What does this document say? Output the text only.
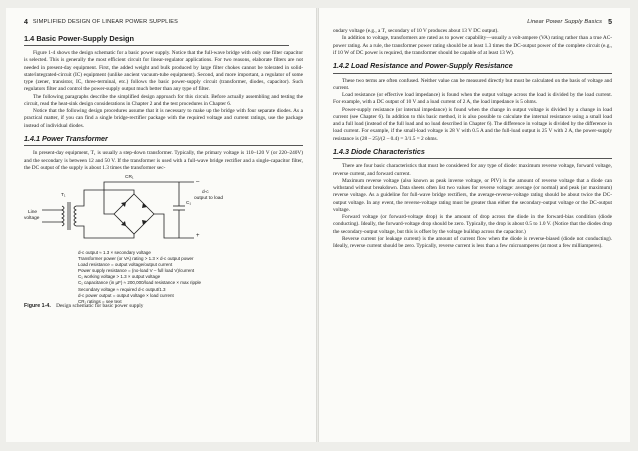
4 SIMPLIFIED DESIGN OF LINEAR POWER SUPPLIES
1.4 Basic Power-Supply Design

Figure 1-4 shows the design schematic for a basic power supply. Notice that the full-wave bridge with only one filter capacitor is selected. This is generally the most efficient circuit for linear-regulator applications. For two reasons, elaborate filters are not needed in present-day equipment. First, the added weight and bulk produced by large filter chokes cannot be tolerated in solid-state/integrated-circuit (IC) equipment (unlike ancient vacuum-tube equipment). Second, and more important, a regulator of some type (zener, transistor, IC, three-terminal, etc.) follows the basic power-supply circuit (transformer, diodes, capacitor). Such regulators filter and control the power-supply output much better than any type of filter.

The following paragraphs describe the simplified design approach for this circuit. Before actually assembling and testing the circuit, read the heat-sink design considerations in Chapter 2 and the test procedures in Chapter 6.

Notice that the following design procedures assume that it is necessary to make up the bridge with four separate diodes. As a practical matter, if you can find a single bridge-rectifier package with the required voltage and current ratings, use the package instead of individual diodes.

1.4.1 Power Transformer

In present-day equipment, T₁ is usually a step-down transformer. Typically, the primary voltage is 110–120 V (or 220–240V) and the secondary is between 12 and 50 V. If the transformer is used with a full-wave bridge rectifier and a single-capacitor filter, the DC output of the supply is about 1.3 times the transformer sec-

CR₁
C₁
T₁
Line
voltage
d-c
output to load
–
+
d-c output ≈ 1.3 × secondary voltage
Transformer power (or VA) rating > 1.3 × d-c output power
Load resistance = output voltage/output current
Power supply resistance = (no-load V – full load V)/current
C₁ working voltage > 1.3 × output voltage
C₁ capacitance (in µF) ≈ 200,000/load resistance × max ripple
Secondary voltage ≈ required d-c output/1.3
d-c power output = output voltage × load current
CR₁ ratings = see text
Figure 1-4. Design schematic for basic power supply
Linear Power Supply Basics 5

ondary voltage (e.g., a T₁ secondary of 10 V produces about 13 V DC output).

In addition to voltage, transformers are rated as to power capability—usually a volt-ampere (VA) rating rather than a true AC-power rating. As a rule, the transformer power rating should be at least 1.3 times the DC-output power of the complete circuit (e.g., if 10 W of DC power is required, the transformer should be capable of at least 13 W).

1.4.2 Load Resistance and Power-Supply Resistance

These two terms are often confused. Neither value can be measured directly but must be calculated on the basis of voltage and current.

Load resistance (or effective load impedance) is found when the output voltage across the load is divided by the load current. For example, with a DC output of 10 V and a load current of 2 A, the load impedance is 5 ohms.

Power-supply resistance (or internal impedance) is found when the change in output voltage is divided by a change in load current (see Chapter 6). In addition to this basic method, it is also possible to calculate the internal resistance using a small load and a full load (instead of the full load and no load described in Chapter 6). The difference in voltage is divided by the difference in load current. For example, if the small-load voltage is 28 V with 0.5 A and the full-load output is 25 V with 2 A, the power-supply resistance is (28 – 25)/(2 – 0.4) = 3/1.5 = 2 ohms.

1.4.3 Diode Characteristics

There are four basic characteristics that must be considered for any type of diode: maximum reverse voltage, forward voltage, reverse current, and forward current.

Maximum reverse voltage (also known as peak inverse voltage, or PIV) is the amount of reverse voltage that a diode can withstand without breakdown. Data sheets often list two values for reverse voltage: average (or normal) and peak (or maximum) reverse voltage. As a guideline for full-wave bridge rectifiers, the average-reverse-voltage rating should be about twice the DC-output voltage. In any event, the reverse-voltage rating must be greater than either the secondary-output voltage or the DC-output voltage.

Forward voltage (or forward-voltage drop) is the amount of drop across the diode in the forward-bias condition (diode conducting). Ideally, the forward-voltage drop should be zero. Typically, the drop is about 0.5 to 1.0 V. (Notice that the diodes drop the secondary-output voltage, but this is offset by the voltage buildup across the capacitor.)

Reverse current (or leakage current) is the amount of current flow when the diode is reverse-biased (diode not conducting). Ideally, reverse current should be zero. Typically, reverse current is less than a few microamperes (at most a few milliamperes).
